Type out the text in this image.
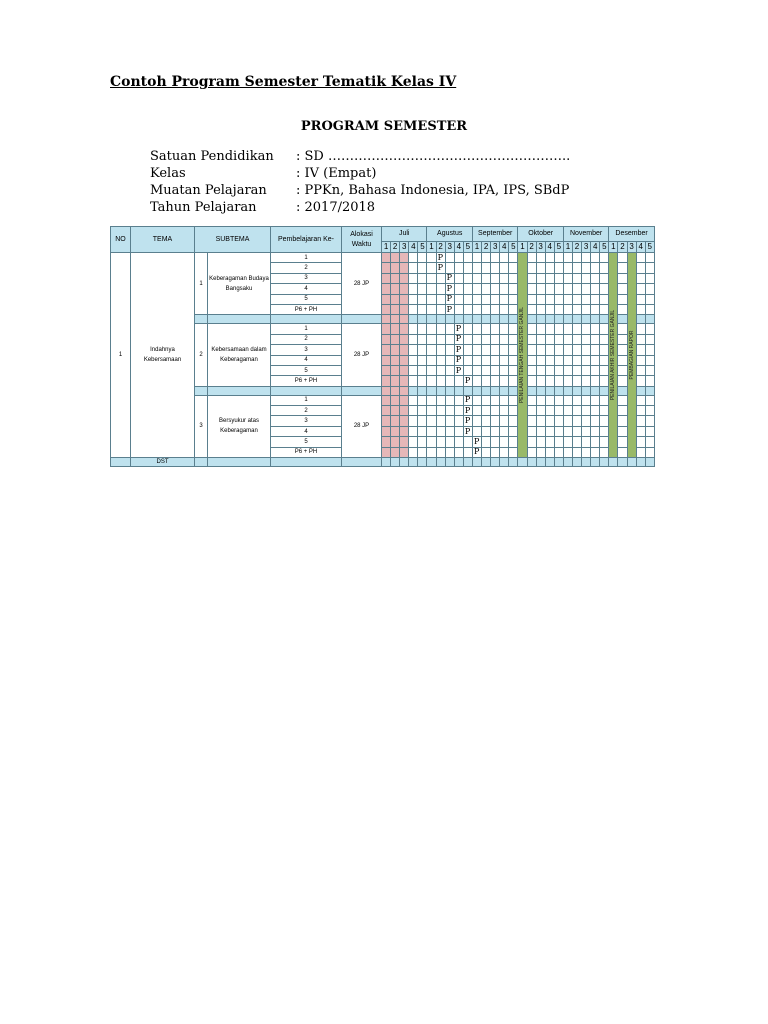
Contoh Program Semester Tematik Kelas IV
PROGRAM SEMESTER
Satuan Pendidikan	: SD ………………………………………………..
Kelas	: IV (Empat)
Muatan Pelajaran	: PPKn, Bahasa Indonesia, IPA, IPS, SBdP
Tahun Pelajaran	: 2017/2018
NO	TEMA	SUBTEMA		Pembelajaran Ke-	Alokasi Waktu	Juli					Agustus					September					Oktober					November					Desember				
						1	2	3	4	5	1	2	3	4	5	1	2	3	4	5	1	2	3	4	5	1	2	3	4	5	1	2	3	4	5
1	Indahnya Kebersamaan	1	Keberagaman Budaya Bangsaku	1	28 JP							P									PENILAIAN TENGAH SEMESTER GANJIL										PENILAIAN AKHIR SEMESTER GANJIL		PEMBAGIAN RAPOR		

				2								P																							
				3									P																						
				4									P																						
				5									P																						
				P6 + PH									P																						

		2	Kebersamaan dalam Keberagaman	1	28 JP									P																					
				2										P																					
				3										P																					
				4										P																					
				5										P																					
				P6 + PH											P																				

		3	Bersyukur atas Keberagaman	1	28 JP										P																				
				2											P																				
				3											P																				
				4											P																				
				5												P																			
				P6 + PH												P																			
	DST																																		
